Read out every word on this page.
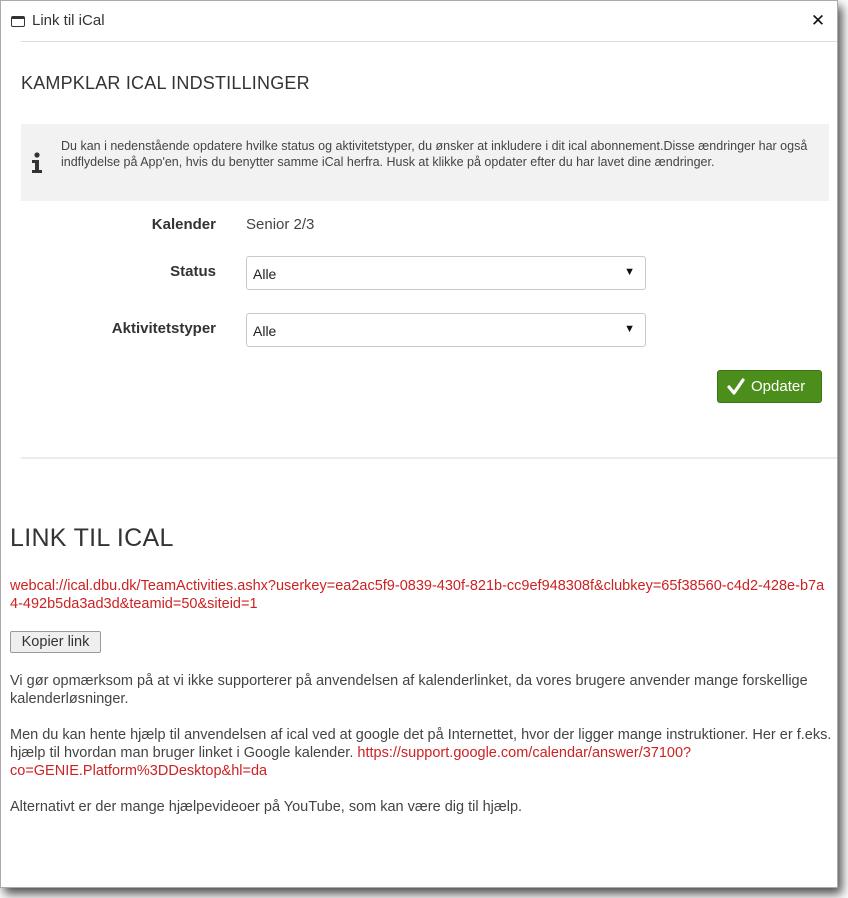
Link til iCal	✕
KAMPKLAR ICAL INDSTILLINGER
Du kan i nedenstående opdatere hvilke status og aktivitetstyper, du ønsker at inkludere i dit ical abonnement.Disse ændringer har også indflydelse på App'en, hvis du benytter samme iCal herfra. Husk at klikke på opdater efter du har lavet dine ændringer.
Kalender Senior 2/3
Status	Alle	▼
Aktivitetstyper	Alle	▼
Opdater
LINK TIL ICAL
webcal://ical.dbu.dk/TeamActivities.ashx?userkey=ea2ac5f9-0839-430f-821b-cc9ef948308f&clubkey=65f38560-c4d2-428e-b7a4-492b5da3ad3d&teamid=50&siteid=1
Kopier link
Vi gør opmærksom på at vi ikke supporterer på anvendelsen af kalenderlinket, da vores brugere anvender mange forskellige kalenderløsninger.
Men du kan hente hjælp til anvendelsen af ical ved at google det på Internettet, hvor der ligger mange instruktioner. Her er f.eks. hjælp til hvordan man bruger linket i Google kalender. https://support.google.com/calendar/answer/37100?co=GENIE.Platform%3DDesktop&hl=da
Alternativt er der mange hjælpevideoer på YouTube, som kan være dig til hjælp.
